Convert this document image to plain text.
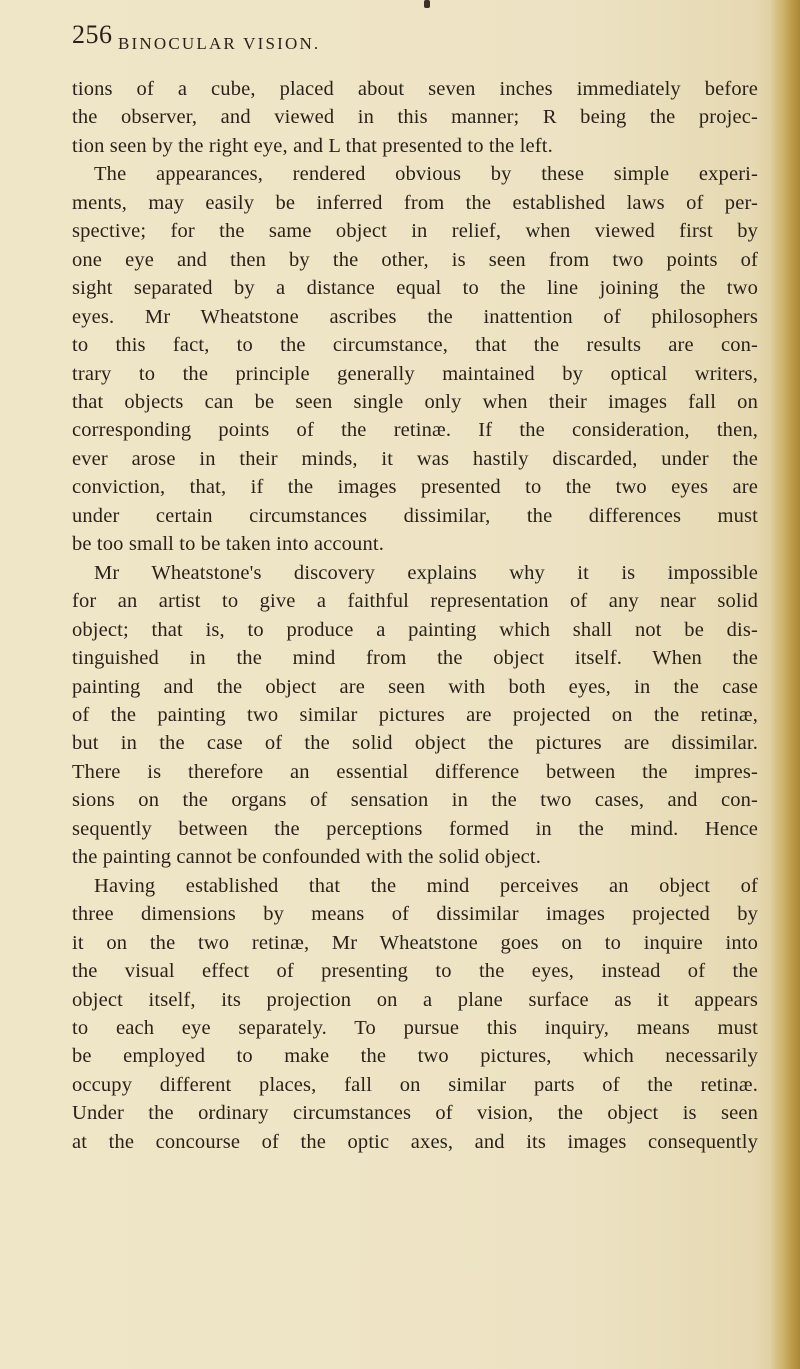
256 BINOCULAR VISION.
tions of a cube, placed about seven inches immediately before
the observer, and viewed in this manner; R being the projec-
tion seen by the right eye, and L that presented to the left.
The appearances, rendered obvious by these simple experi-
ments, may easily be inferred from the established laws of per-
spective; for the same object in relief, when viewed first by
one eye and then by the other, is seen from two points of
sight separated by a distance equal to the line joining the two
eyes. Mr Wheatstone ascribes the inattention of philosophers
to this fact, to the circumstance, that the results are con-
trary to the principle generally maintained by optical writers,
that objects can be seen single only when their images fall on
corresponding points of the retinæ. If the consideration, then,
ever arose in their minds, it was hastily discarded, under the
conviction, that, if the images presented to the two eyes are
under certain circumstances dissimilar, the differences must
be too small to be taken into account.
Mr Wheatstone's discovery explains why it is impossible
for an artist to give a faithful representation of any near solid
object; that is, to produce a painting which shall not be dis-
tinguished in the mind from the object itself. When the
painting and the object are seen with both eyes, in the case
of the painting two similar pictures are projected on the retinæ,
but in the case of the solid object the pictures are dissimilar.
There is therefore an essential difference between the impres-
sions on the organs of sensation in the two cases, and con-
sequently between the perceptions formed in the mind. Hence
the painting cannot be confounded with the solid object.
Having established that the mind perceives an object of
three dimensions by means of dissimilar images projected by
it on the two retinæ, Mr Wheatstone goes on to inquire into
the visual effect of presenting to the eyes, instead of the
object itself, its projection on a plane surface as it appears
to each eye separately. To pursue this inquiry, means must
be employed to make the two pictures, which necessarily
occupy different places, fall on similar parts of the retinæ.
Under the ordinary circumstances of vision, the object is seen
at the concourse of the optic axes, and its images consequently
